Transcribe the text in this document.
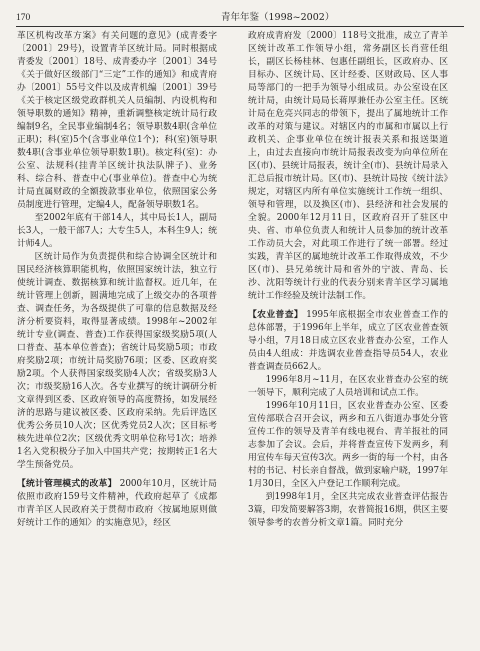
170	青年年鉴（1998~2002）

革区机构改革方案》有关问题的意见》(成青委字〔2001〕29号)，设置青羊区统计局。同时根据成青委发〔2001〕18号、成青委办字〔2001〕34号《关于做好区级部门“三定”工作的通知》和成青府办〔2001〕55号文件以及成青机编〔2001〕39号《关于核定区级党政群机关人员编制、内设机构和领导职数的通知》精神，重新调整核定统计局行政编制9名，全民事业编制4名；领导职数4职(含单位正职)；科(室)5个(含事业单位1个)；科(室)领导职数4职(含事业单位领导职数1职)。核定科(室)：办公室、法规科(挂青羊区统计执法队牌子)、业务科、综合科、普查中心(事业单位)。普查中心为统计局直属财政的全额拨款事业单位，依照国家公务员制度进行管理，定编4人，配备领导职数1名。

至2002年底有干部14人，其中局长1人，副局长3人，一般干部7人；大专生5人，本科生9人；统计师4人。

区统计局作为负责提供和综合协调全区统计和国民经济核算职能机构，依照国家统计法，独立行使统计调查、数据核算和统计监督权。近几年，在统计管理上创新，圆满地完成了上级交办的各项普查、调查任务，为各级提供了可靠的信息数据及经济分析要资料，取得显著成绩。1998年~2002年统计专业(调查、普查)工作获得国家级奖励5项(人口普查、基本单位普查)；省统计局奖励5项；市政府奖励2项；市统计局奖励76项；区委、区政府奖励2项。个人获得国家级奖励4人次；省级奖励3人次；市级奖励16人次。各专业撰写的统计调研分析文章得到区委、区政府领导的高度赞扬，如发展经济的思路与建议被区委、区政府采纳。先后评选区优秀公务员10人次；区优秀党员2人次；区目标考核先进单位2次；区级优秀文明单位称号1次；培养1名入党积极分子加入中国共产党；按期转正1名大学生预备党员。

【统计管理模式的改革】 2000年10月，区统计局依照市政府159号文件精神，代政府起草了《成都市青羊区人民政府关于贯彻市政府〈按属地原则做好统计工作的通知〉的实施意见》，经区

政府成青府发〔2000〕118号文批准，成立了青羊区统计改革工作领导小组，常务副区长肖营任组长，副区长杨桂林、包惠任副组长，区政府办、区目标办、区统计局、区计经委、区财政局、区人事局等部门的一把手为领导小组成员。办公室设在区统计局，由统计局局长蒋厚兼任办公室主任。区统计局在危亮兴同志的带领下，提出了属地统计工作改革的对策与建议。对辖区内的市属和市属以上行政机关、企事业单位在统计报表关系和报送渠道上，由过去直接向市统计局报表改变为向单位所在区(市)、县统计局报表，统计全(市)、县统计局录入汇总后报市统计局。区(市)、县统计局按《统计法》规定，对辖区内所有单位实施统计工作统一组织、领导和管理，以及换区(市)、县经济和社会发展的全貌。2000年12月11日，区政府召开了驻区中央、省、市单位负责人和统计人员参加的统计改革工作动员大会，对此项工作进行了统一部署。经过实践，青羊区的属地统计改革工作取得成效，不少区(市)、县兄弟统计局和省外的宁波、青岛、长沙、沈阳等统计行业的代表分别来青羊区学习属地统计工作经验及统计法制工作。

【农业普查】 1995年底根据全市农业普查工作的总体部署，于1996年上半年，成立了区农业普查领导小组，7月18日成立区农业普查办公室，工作人员由4人组成：并选调农业普查指导员54人，农业普查调查员662人。

1996年8月~11月，在区农业普查办公室的统一领导下，顺利完成了人员培训和试点工作。

1996年10月11日，区农业普查办公室、区委宣传部联合召开会议，两乡和五八街道办事处分管宣传工作的领导及青羊有线电视台、青羊报社的同志参加了会议。会后，并将普查宣传下发两乡，利用宣传车每天宣传3次。两乡一街的每一个村，由各村的书记、村长亲自督战，做到家喻户晓，1997年1月30日，全区入户登记工作顺利完成。

到1998年1月，全区共完成农业普查评估报告3篇，印发简要解答3期，农普简报16期，供区主要领导参考的农普分析文章1篇。同时充分
